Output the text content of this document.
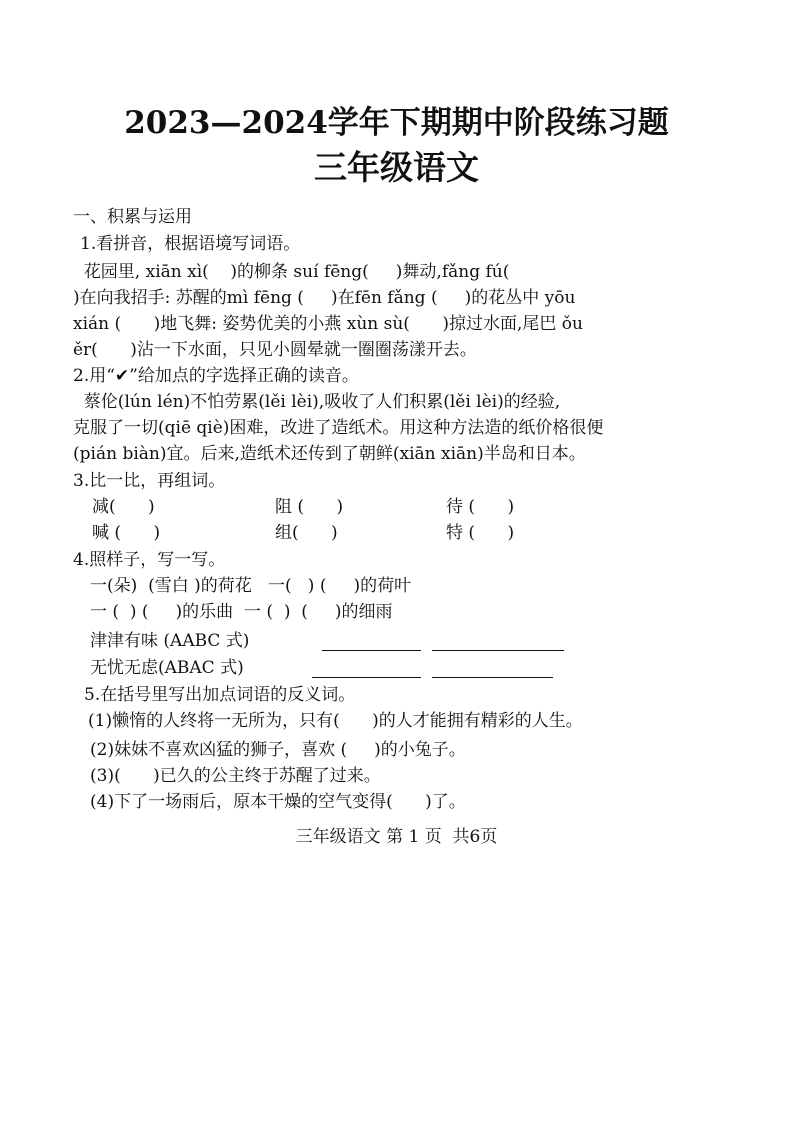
2023—2024学年下期期中阶段练习题
三年级语文
一、积累与运用
1.看拼音，根据语境写词语。
花园里, xiān xì(    )的柳条 suí fēng(     )舞动,fǎng fú(
)在向我招手: 苏醒的mì fēng (     )在fēn fǎng (     )的花丛中 yōu
xián (      )地飞舞: 姿势优美的小燕 xùn sù(      )掠过水面,尾巴 ǒu
ěr(      )沾一下水面，只见小圆晕就一圈圈荡漾开去。
2.用“✔”给加点的字选择正确的读音。
蔡伦(lún lén)不怕劳累(lěi lèi),吸收了人们积累(lěi lèi)的经验,
克服了一切(qiē qiè)困难，改进了造纸术。用这种方法造的纸价格很便
(pián biàn)宜。后来,造纸术还传到了朝鲜(xiān xiān)半岛和日本。
3.比一比，再组词。
减(      )	阻 (      )	待 (      )
喊 (      )	组(      )	特 (      )
4.照样子，写一写。
一(朵)  (雪白 )的荷花   一(   ) (     )的荷叶
一 (  ) (     )的乐曲  一 (  )  (     )的细雨
津津有味 (AABC 式)
无忧无虑(ABAC 式)
5.在括号里写出加点词语的反义词。
(1)懒惰的人终将一无所为，只有(      )的人才能拥有精彩的人生。
(2)妹妹不喜欢凶猛的狮子，喜欢 (     )的小兔子。
(3)(      )已久的公主终于苏醒了过来。
(4)下了一场雨后，原本干燥的空气变得(      )了。
三年级语文 第 1 页  共6页
